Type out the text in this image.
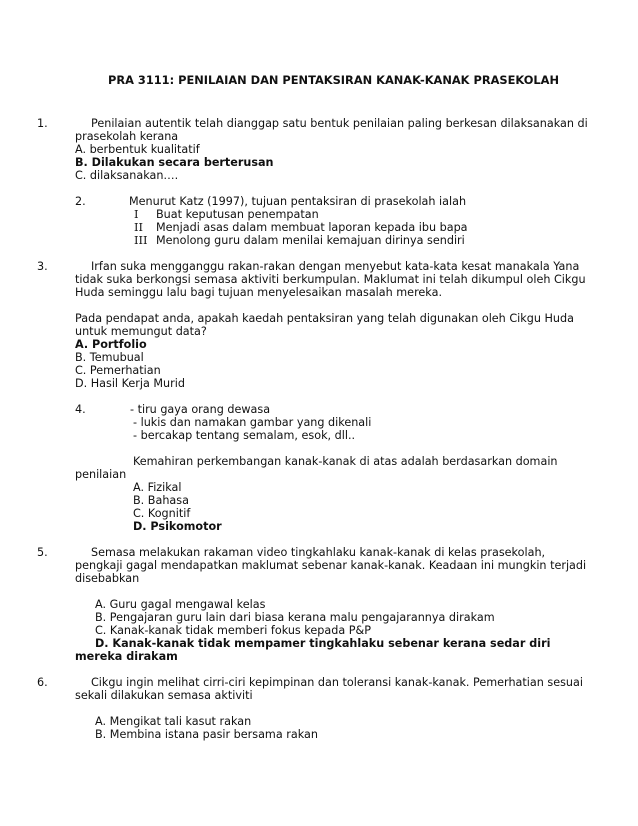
PRA 3111: PENILAIAN DAN PENTAKSIRAN KANAK-KANAK PRASEKOLAH
1.	Penilaian autentik telah dianggap satu bentuk penilaian paling berkesan dilaksanakan di
prasekolah kerana
A. berbentuk kualitatif
B. Dilakukan secara berterusan
C. dilaksanakan….
2.	Menurut Katz (1997), tujuan pentaksiran di prasekolah ialah
I Buat keputusan penempatan
II Menjadi asas dalam membuat laporan kepada ibu bapa
III Menolong guru dalam menilai kemajuan dirinya sendiri
3.	Irfan suka mengganggu rakan-rakan dengan menyebut kata-kata kesat manakala Yana
tidak suka berkongsi semasa aktiviti berkumpulan. Maklumat ini telah dikumpul oleh Cikgu
Huda seminggu lalu bagi tujuan menyelesaikan masalah mereka.
Pada pendapat anda, apakah kaedah pentaksiran yang telah digunakan oleh Cikgu Huda
untuk memungut data?
A. Portfolio
B. Temubual
C. Pemerhatian
D. Hasil Kerja Murid
4.	- tiru gaya orang dewasa
- lukis dan namakan gambar yang dikenali
- bercakap tentang semalam, esok, dll..
Kemahiran perkembangan kanak-kanak di atas adalah berdasarkan domain
penilaian
A. Fizikal
B. Bahasa
C. Kognitif
D. Psikomotor
5.	Semasa melakukan rakaman video tingkahlaku kanak-kanak di kelas prasekolah,
pengkaji gagal mendapatkan maklumat sebenar kanak-kanak. Keadaan ini mungkin terjadi
disebabkan
A. Guru gagal mengawal kelas
B. Pengajaran guru lain dari biasa kerana malu pengajarannya dirakam
C. Kanak-kanak tidak memberi fokus kepada P&P
D. Kanak-kanak tidak mempamer tingkahlaku sebenar kerana sedar diri
mereka dirakam
6.	Cikgu ingin melihat cirri-ciri kepimpinan dan toleransi kanak-kanak. Pemerhatian sesuai
sekali dilakukan semasa aktiviti
A. Mengikat tali kasut rakan
B. Membina istana pasir bersama rakan
